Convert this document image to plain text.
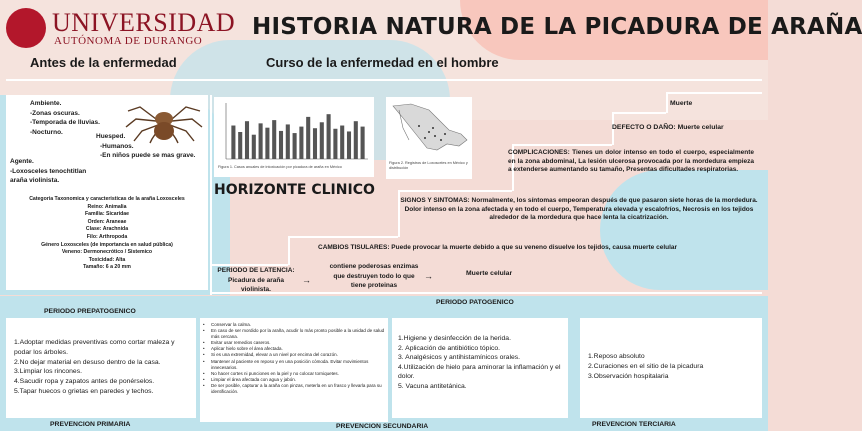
UNIVERSIDAD
AUTÓNOMA DE DURANGO
HISTORIA NATURA DE LA PICADURA DE ARAÑA
Antes de la enfermedad	Curso de la enfermedad en el hombre
Ambiente.
-Zonas oscuras.
-Temporada de lluvias.
-Nocturno.
Huesped.
-Humanos.
-En niños puede se mas grave.
Agente.
-Loxosceles tenochtitlan
araña violinista.
Categoria Taxonomica y caracteristicas de la araña Loxosceles
Reino: Animalia
Familia: Sicaridae
Orden: Araneae
Clase: Arachnida
Filo: Arthropoda
Género Loxosceles (de importancia en salud pública)
Veneno: Dermonecrótico / Sistemico
Toxicidad: Alta
Tamaño: 6 a 20 mm
Figura 1. Casos anuales de intoxicación por picadura de araña en México
Figura 2. Registros de Loxosceles en México y distribución
HORIZONTE CLINICO
Muerte
DEFECTO O DAÑO: Muerte celular
COMPLICACIONES: Tienes un dolor intenso en todo el cuerpo, especialmente en la zona abdominal, La lesión ulcerosa provocada por la mordedura empieza a extenderse aumentando su tamaño, Presentas dificultades respiratorias.
SIGNOS Y SINTOMAS: Normalmente, los síntomas empeoran después de que pasaron siete horas de la mordedura. Dolor intenso en la zona afectada y en todo el cuerpo, Temperatura elevada y escalofríos, Necrosis en los tejidos alrededor de la mordedura que hace lenta la cicatrización.
CAMBIOS TISULARES: Puede provocar la muerte debido a que su veneno disuelve los tejidos, causa muerte celular
PERIODO DE LATENCIA:
Picadura de araña violinista.
contiene poderosas enzimas
que destruyen todo lo que
tiene proteinas
→	→	Muerte celular
PERIODO PREPATOGENICO
PERIODO PATOGENICO
1.Adoptar medidas preventivas como cortar maleza y podar los árboles.
2.No dejar material en desuso dentro de la casa.
3.Limpiar los rincones.
4.Sacudir ropa y zapatos antes de ponérselos.
5.Tapar huecos o grietas en paredes y techos.
• Conservar la calma.
• En caso de ser mordido por la araña, acudir lo más pronto posible a la unidad de salud más cercana.
• Evitar usar remedios caseros.
• Aplicar hielo sobre el área afectada.
• Si es una extremidad, elevar a un nivel por encima del corazón.
• Mantener al paciente en reposo y en una posición cómoda. Evitar movimientos innecesarios.
• No hacer cortes ni punciones en la piel y no colocar torniquetes.
• Limpiar el área afectada con agua y jabón.
• De ser posible, capturar a la araña con pinzas, meterla en un frasco y llevarla para su identificación.
1.Higiene y desinfección de la herida.
2. Aplicación de antibiótico tópico.
3. Analgésicos y antihistamínicos orales.
4.Utilización de hielo para aminorar la inflamación y el dolor.
5. Vacuna antitetánica.
1.Reposo absoluto
2.Curaciones en el sitio de la picadura
3.Observación hospitalaria
PREVENCION PRIMARIA	PREVENCION SECUNDARIA	PREVENCION TERCIARIA
